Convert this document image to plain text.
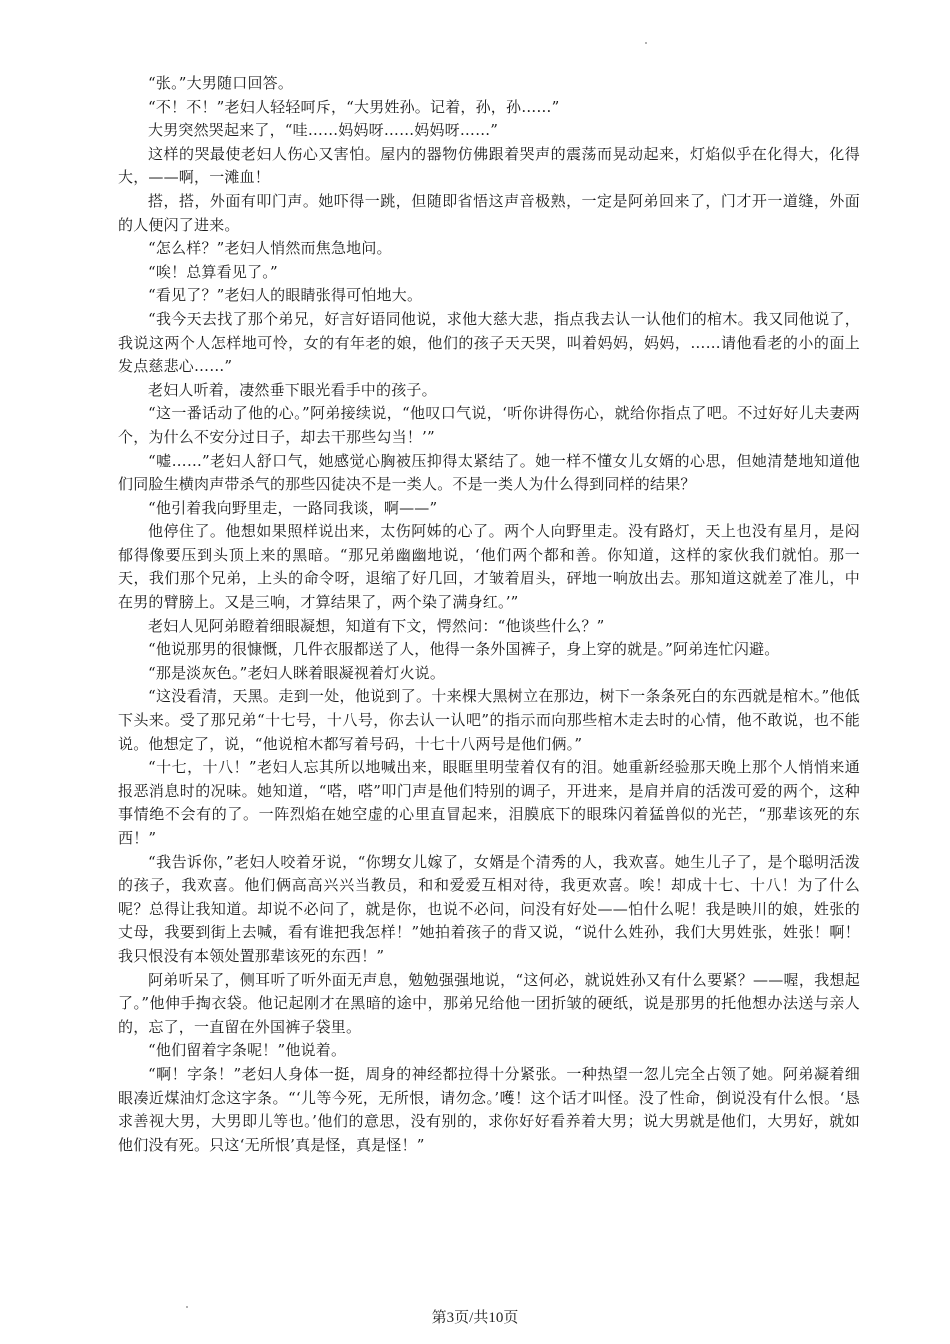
“张。”大男随口回答。

“不！不！”老妇人轻轻呵斥，“大男姓孙。记着，孙，孙……”

大男突然哭起来了，“哇……妈妈呀……妈妈呀……”

这样的哭最使老妇人伤心又害怕。屋内的器物仿佛跟着哭声的震荡而晃动起来，灯焰似乎在化得大，化得大，——啊，一滩血！

搭，搭，外面有叩门声。她吓得一跳，但随即省悟这声音极熟，一定是阿弟回来了，门才开一道缝，外面的人便闪了进来。

“怎么样？”老妇人悄然而焦急地问。

“唉！总算看见了。”

“看见了？”老妇人的眼睛张得可怕地大。

“我今天去找了那个弟兄，好言好语同他说，求他大慈大悲，指点我去认一认他们的棺木。我又同他说了，我说这两个人怎样地可怜，女的有年老的娘，他们的孩子天天哭，叫着妈妈，妈妈，……请他看老的小的面上发点慈悲心……”

老妇人听着，凄然垂下眼光看手中的孩子。

“这一番话动了他的心。”阿弟接续说，“他叹口气说，‘听你讲得伤心，就给你指点了吧。不过好好儿夫妻两个，为什么不安分过日子，却去干那些勾当！’”

“嘘……”老妇人舒口气，她感觉心胸被压抑得太紧结了。她一样不懂女儿女婿的心思，但她清楚地知道他们同脸生横肉声带杀气的那些囚徒决不是一类人。不是一类人为什么得到同样的结果？

“他引着我向野里走，一路同我谈，啊——”

他停住了。他想如果照样说出来，太伤阿姊的心了。两个人向野里走。没有路灯，天上也没有星月，是闷郁得像要压到头顶上来的黑暗。“那兄弟幽幽地说，‘他们两个都和善。你知道，这样的家伙我们就怕。那一天，我们那个兄弟，上头的命令呀，退缩了好几回，才皱着眉头，砰地一响放出去。那知道这就差了准儿，中在男的臂膀上。又是三响，才算结果了，两个染了满身红。’”

老妇人见阿弟瞪着细眼凝想，知道有下文，愕然问：“他谈些什么？”

“他说那男的很慷慨，几件衣服都送了人，他得一条外国裤子，身上穿的就是。”阿弟连忙闪避。

“那是淡灰色。”老妇人眯着眼凝视着灯火说。

“这没看清，天黑。走到一处，他说到了。十来棵大黑树立在那边，树下一条条死白的东西就是棺木。”他低下头来。受了那兄弟“十七号，十八号，你去认一认吧”的指示而向那些棺木走去时的心情，他不敢说，也不能说。他想定了，说，“他说棺木都写着号码，十七十八两号是他们俩。”

“十七，十八！”老妇人忘其所以地喊出来，眼眶里明莹着仅有的泪。她重新经验那天晚上那个人悄悄来通报恶消息时的况味。她知道，“嗒，嗒”叩门声是他们特别的调子，开进来，是肩并肩的活泼可爱的两个，这种事情绝不会有的了。一阵烈焰在她空虚的心里直冒起来，泪膜底下的眼珠闪着猛兽似的光芒，“那辈该死的东西！”

“我告诉你，”老妇人咬着牙说，“你甥女儿嫁了，女婿是个清秀的人，我欢喜。她生儿子了，是个聪明活泼的孩子，我欢喜。他们俩高高兴兴当教员，和和爱爱互相对待，我更欢喜。唉！却成十七、十八！为了什么呢？总得让我知道。却说不必问了，就是你，也说不必问，问没有好处——怕什么呢！我是映川的娘，姓张的丈母，我要到街上去喊，看有谁把我怎样！”她拍着孩子的背又说，“说什么姓孙，我们大男姓张，姓张！啊！我只恨没有本领处置那辈该死的东西！”

阿弟听呆了，侧耳听了听外面无声息，勉勉强强地说，“这何必，就说姓孙又有什么要紧？——喔，我想起了。”他伸手掏衣袋。他记起刚才在黑暗的途中，那弟兄给他一团折皱的硬纸，说是那男的托他想办法送与亲人的，忘了，一直留在外国裤子袋里。

“他们留着字条呢！”他说着。

“啊！字条！”老妇人身体一挺，周身的神经都拉得十分紧张。一种热望一忽儿完全占领了她。阿弟凝着细眼凑近煤油灯念这字条。“‘儿等今死，无所恨，请勿念。’嚄！这个话才叫怪。没了性命，倒说没有什么恨。‘恳求善视大男，大男即儿等也。’他们的意思，没有别的，求你好好看养着大男；说大男就是他们，大男好，就如他们没有死。只这‘无所恨’真是怪，真是怪！”

第3页/共10页
